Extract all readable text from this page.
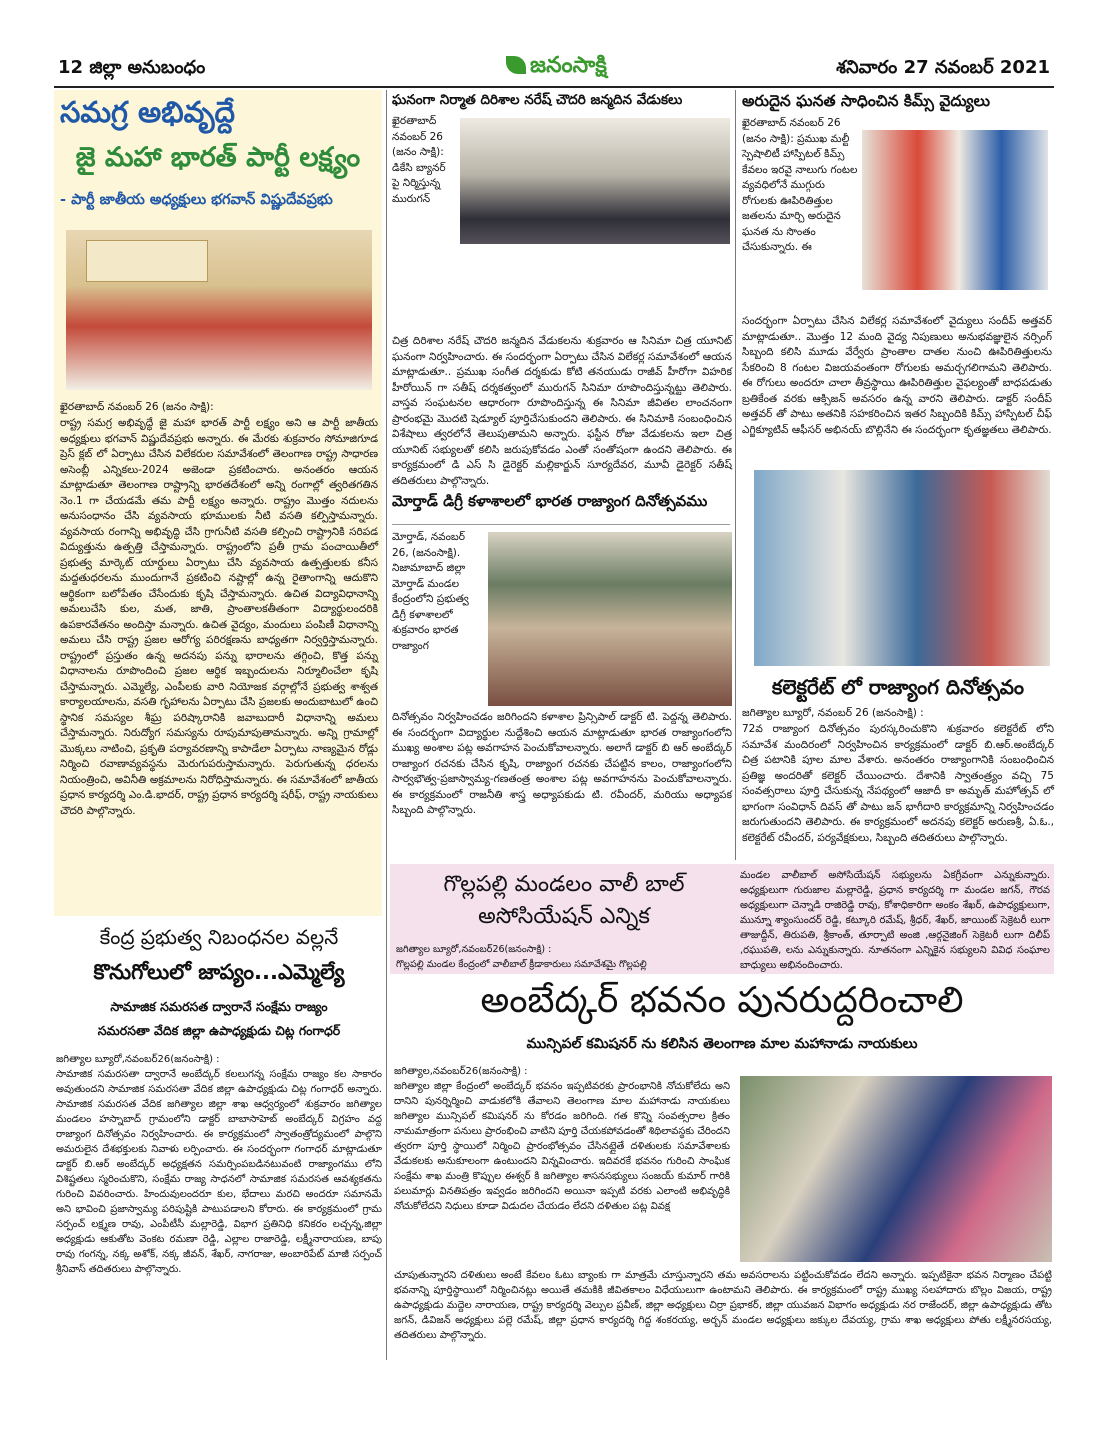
12 జిల్లా అనుబంధం	జనంసాక్షి	శనివారం 27 నవంబర్ 2021
సమగ్ర అభివృద్దే
జై మహా భారత్ పార్టీ లక్ష్యం
- పార్టీ జాతీయ అధ్యక్షులు భగవాన్ విష్ణుదేవప్రభు
ఖైరతాబాద్ నవంబర్ 26 (జనం సాక్షి):
రాష్ట్ర సమగ్ర అభివృద్ధే జై మహా భారత్ పార్టీ లక్ష్యం అని ఆ పార్టీ జాతీయ అధ్యక్షులు భగవాన్ విష్ణుదేవప్రభు అన్నారు. ఈ మేరకు శుక్రవారం సోమాజిగూడ ప్రెస్ క్లబ్ లో ఏర్పాటు చేసిన విలేకరుల సమావేశంలో తెలంగాణ రాష్ట్ర సాధారణ అసెంబ్లీ ఎన్నికలు-2024 అజెండా ప్రకటించారు. అనంతరం ఆయన మాట్లాడుతూ తెలంగాణ రాష్ట్రాన్ని భారతదేశంలో అన్ని రంగాల్లో త్వరితగతిన నెం.1 గా చేయడమే తమ పార్టీ లక్ష్యం అన్నారు. రాష్ట్రం మొత్తం నదులను అనుసంధానం చేసి వ్యవసాయ భూములకు నీటి వసతి కల్పిస్తామన్నారు. వ్యవసాయ రంగాన్ని అభివృద్ధి చేసి గ్రాగునీటి వసతి కల్పించి రాష్ట్రానికి సరిపడ విద్యుత్తును ఉత్పత్తి చేస్తామన్నారు. రాష్ట్రంలోని ప్రతీ గ్రామ పంచాయితీలో ప్రభుత్వ మార్కెట్ యార్డులు ఏర్పాటు చేసి వ్యవసాయ ఉత్పత్తులకు కనీస మద్దతుధరలను ముందుగానే ప్రకటించి నష్టాల్లో ఉన్న రైతాంగాన్ని ఆదుకొని ఆర్థికంగా బలోపేతం చేసేందుకు కృషి చేస్తామన్నారు. ఉచిత విద్యావిధానాన్ని అమలుచేసి కుల, మత, జాతి, ప్రాంతాలకతీతంగా విద్యార్థులందరికి ఉపకారవేతనం అందిస్తా మన్నారు. ఉచిత వైద్యం, మందులు పంపిణీ విధానాన్ని అమలు చేసి రాష్ట్ర ప్రజల ఆరోగ్య పరిరక్షణను బాధ్యతగా నిర్వర్తిస్తామన్నారు. రాష్ట్రంలో ప్రస్తుతం ఉన్న అదనపు పన్ను భారాలను తగ్గించి, కొత్త పన్ను విధానాలను రూపొందించి ప్రజల ఆర్థిక ఇబ్బందులను నిర్మూలించేలా కృషి చేస్తామన్నారు. ఎమ్మెల్యే, ఎంపీలకు వారి నియోజక వర్గాల్లోనే ప్రభుత్వ శాశ్వత కార్యాలయాలను, వసతి గృహాలను ఏర్పాటు చేసి ప్రజలకు అందుబాటులో ఉంచి స్థానిక సమస్యల శీఘ్ర పరిష్కారానికి జవాబుదారీ విధానాన్ని అమలు చేస్తామన్నారు. నిరుద్యోగ సమస్యను రూపుమాపుతామన్నారు. అన్ని గ్రామాల్లో మొక్కలు నాటించి, ప్రకృతి పర్యావరణాన్ని కాపాడేలా ఏర్పాటు నాణ్యమైన రోడ్లు నిర్మించి రవాణావ్యవస్థను మెరుగుపరుస్తామన్నారు. పెరుగుతున్న ధరలను నియంత్రించి, అవినీతి అక్రమాలను నిరోధిస్తామన్నారు. ఈ సమావేశంలో జాతీయ ప్రధాన కార్యదర్శి ఎం.డి.భాదర్, రాష్ట్ర ప్రధాన కార్యదర్శి షరీఫ్, రాష్ట్ర నాయకులు చౌదరి పాల్గొన్నారు.
ఘనంగా నిర్మాత దిరిశాల నరేష్ చౌదరి జన్మదిన వేడుకలు
ఖైరతాబాద్ నవంబర్ 26 (జనం సాక్షి): డికేసి బ్యానర్ పై నిర్మిస్తున్న మురుగన్
చిత్ర దిరిశాల నరేష్ చౌదరి జన్మదిన వేడుకలను శుక్రవారం ఆ సినిమా చిత్ర యూనిట్ ఘనంగా నిర్వహించారు. ఈ సందర్భంగా ఏర్పాటు చేసిన విలేకర్ల సమావేశంలో ఆయన మాట్లాడుతూ.. ప్రముఖ సంగీత దర్శకుడు కోటి తనయుడు రాజీవ్ హీరోగా విహరిక హీరోయిన్ గా సతీష్ దర్శకత్వంలో మురుగన్ సినిమా రూపొందిస్తున్నట్టు తెలిపారు. వాస్తవ సంఘటనల ఆధారంగా రూపొందిస్తున్న ఈ సినిమా జీవితల లాంచనంగా ప్రారంభమై మొదటి షెడ్యూల్ పూర్తిచేసుకుందని తెలిపారు. ఈ సినిమాకి సంబంధించిన విశేషాలు త్వరలోనే తెలుపుతామని అన్నారు. ఫస్టీన రోజు వేడుకలను ఇలా చిత్ర యూనిట్ సభ్యులతో కలిసి జరుపుకోవడం ఎంతో సంతోషంగా ఉందని తెలిపారు. ఈ కార్యక్రమంలో డి ఎస్ సి డైరెక్టర్ మల్లికార్జున్ సూర్యదేవర, మూవీ డైరెక్టర్ సతీష్ తదితరులు పాల్గొన్నారు.
అరుదైన ఘనత సాధించిన కిమ్స్ వైద్యులు
ఖైరతాబాద్ నవంబర్ 26 (జనం సాక్షి): ప్రముఖ మల్టీ స్పెషాలిటీ హాస్పిటల్ కిమ్స్ కేవలం ఇరవై నాలుగు గంటల వ్యవధిలోనే ముగ్గురు రోగులకు ఊపిరితిత్తుల జతలను మార్చి అరుదైన ఘనత ను సొంతం చేసుకున్నారు. ఈ
సందర్భంగా ఏర్పాటు చేసిన విలేకర్ల సమావేశంలో వైద్యులు సందీప్ అత్తవర్ మాట్లాడుతూ.. మొత్తం 12 మంది వైద్య నిపుణులు అనుభవజ్ఞులైన నర్సింగ్ సిబ్బంది కలిసి మూడు వేర్వేరు ప్రాంతాల దాతల నుంచి ఊపిరితిత్తులను సేకరించి 8 గంటల విజయవంతంగా రోగులకు అమర్చగలిగామని తెలిపారు. ఈ రోగులు అందరూ చాలా తీవ్రస్థాయి ఊపిరితిత్తుల వైఫల్యంతో బాధపడుతు బ్రతికేంత వరకు ఆక్సిజన్ అవసరం ఉన్న వారని తెలిపారు. డాక్టర్ సందీప్ అత్తవర్ తో పాటు అతనికి సహకరించిన ఇతర సిబ్బందికి కిమ్స్ హాస్పిటల్ చీఫ్ ఎగ్జిక్యూటివ్ ఆఫీసర్ అభినయ్ బొల్లినేని ఈ సందర్భంగా కృతజ్ఞతలు తెలిపారు.
మోర్తాడ్ డిగ్రీ కళాశాలలో భారత రాజ్యాంగ దినోత్సవము
మోర్తాడ్, నవంబర్ 26, (జనంసాక్షి). నిజామాబాద్ జిల్లా మోర్తాడ్ మండల కేంద్రంలోని ప్రభుత్వ డిగ్రీ కళాశాలలో శుక్రవారం భారత రాజ్యాంగ
దినోత్సవం నిర్వహించడం జరిగిందని కళాశాల ప్రిన్సిపాల్ డాక్టర్ టి. పెద్దన్న తెలిపారు. ఈ సందర్భంగా విద్యార్థుల నుద్దేశించి ఆయన మాట్లాడుతూ భారత రాజ్యాంగంలోని ముఖ్య అంశాల పట్ల అవగాహన పెంచుకోవాలన్నారు. అలాగే డాక్టర్ బి ఆర్ అంబేద్కర్ రాజ్యాంగ రచనకు చేసిన కృషి, రాజ్యాంగ రచనకు చేపట్టిన కాలం, రాజ్యాంగంలోని సార్వభౌత్వ-ప్రజాస్వామ్య-గణతంత్ర అంశాల పట్ల అవగాహనను పెంచుకోవాలన్నారు. ఈ కార్యక్రమంలో రాజనీతి శాస్త్ర అధ్యాపకుడు టి. రవీందర్, మరియు అధ్యాపక సిబ్బంది పాల్గొన్నారు.
కలెక్టరేట్ లో రాజ్యాంగ దినోత్సవం
జగిత్యాల బ్యూరో, నవంబర్ 26 (జనంసాక్షి) :
72వ రాజ్యాంగ దినోత్సవం పురస్కరించుకొని శుక్రవారం కలెక్టరేట్ లోని సమావేశ మందిరంలో నిర్వహించిన కార్యక్రమంలో డాక్టర్ బి.ఆర్.అంబేద్కర్ చిత్ర పటానికి పూల మాల వేశారు. అనంతరం రాజ్యాంగానికి సంబంధించిన ప్రతిజ్ఞ అందరితో కలెక్టర్ చేయించారు. దేశానికి స్వాతంత్ర్యం వచ్చి 75 సంవత్సరాలు పూర్తి చేసుకున్న నేపథ్యంలో ఆజాదీ కా అమృత్ మహోత్సవ్ లో భాగంగా సంవిధాన్ దివస్ తో పాటు జన్ భాగీదారి కార్యక్రమాన్ని నిర్వహించడం జరుగుతుందని తెలిపారు. ఈ కార్యక్రమంలో అదనపు కలెక్టర్ అరుణశ్రీ, ఏ.ఓ., కలెక్టరేట్ రవీందర్, పర్యవేక్షకులు, సిబ్బంది తదితరులు పాల్గొన్నారు.
గొల్లపల్లి మండలం వాలీ బాల్
అసోసియేషన్ ఎన్నిక
జగిత్యాల బ్యూరో,నవంబర్26(జనంసాక్షి) :
గొల్లపల్లి మండల కేంద్రంలో వాలీబాల్ క్రీడాకారులు సమావేశమై గొల్లపల్లి
మండల వాలీబాల్ అసోసియేషన్ సభ్యులను ఏకగ్రీవంగా ఎన్నుకున్నారు. అధ్యక్షులుగా గురుజాల మల్లారెడ్డి, ప్రధాన కార్యదర్శి గా మండల జగన్, గౌరవ అధ్యక్షులుగా చెన్నాడి రాజిరెడ్డి రావు, కోశాధికారిగా అంకం శేఖర్, ఉపాధ్యక్షులుగా, మున్నూ శ్యాంసుందర్ రెడ్డి, కట్కూరి రమేష్, శ్రీధర్, శేఖర్, జాయింట్ సెక్రెటరీ లుగా తాజుద్దీన్, తిరుపతి, శ్రీకాంత్, తూర్పాటి అంజి ,ఆర్గనైజింగ్ సెక్రెటరీ లుగా దిలీప్ ,రఘుపతి, లను ఎన్నుకున్నారు. నూతనంగా ఎన్నికైన సభ్యులని వివిధ సంఘాల బాధ్యులు అభినందించారు.
కేంద్ర ప్రభుత్వ నిబంధనల వల్లనే
కొనుగోలులో జాప్యం...ఎమ్మెల్యే
సామాజిక సమరసత ద్వారానే సంక్షేమ రాజ్యం
సమరసతా వేదిక జిల్లా ఉపాధ్యక్షుడు చిట్ల గంగాధర్
జగిత్యాల బ్యూరో,నవంబర్26(జనంసాక్షి) :
సామాజిక సమరసతా ద్వారానే అంబేద్కర్ కలలుగన్న సంక్షేమ రాజ్యం కల సాకారం అవుతుందని సామాజిక సమరసతా వేదిక జిల్లా ఉపాధ్యక్షుడు చిట్ల గంగాధర్ అన్నారు. సామాజిక సమరసత వేదిక జగిత్యాల జిల్లా శాఖ ఆధ్వర్యంలో శుక్రవారం జగిత్యాల మండలం హస్నాబాద్ గ్రామంలోని డాక్టర్ బాబాసాహెబ్ అంబేద్కర్ విగ్రహం వద్ద రాజ్యాంగ దినోత్సవం నిర్వహించారు. ఈ కార్యక్రమంలో స్వాతంత్రోద్యమంలో పాల్గొని అమరులైన దేశభక్తులకు నివాళు లర్పించారు. ఈ సందర్భంగా గంగాధర్ మాట్లాడుతూ డాక్టర్ బి.ఆర్ అంబేద్కర్ అధ్యక్షతన సమర్పింపబడినటువంటి రాజ్యాంగము లోని విశిష్టతలు స్మరించుకొని, సంక్షేమ రాజ్య సాధనలో సామాజిక సమరసత ఆవశ్యకతను గురించి వివరించారు. హిందువులందరూ కుల, భేదాలు మరచి అందరూ సమానమే అని భావించి ప్రజాస్వామ్య పరిపుష్టికి పాటుపడాలని కోరారు. ఈ కార్యక్రమంలో గ్రామ సర్పంచ్ లక్ష్మణ రావు, ఎంపీటీసీ మల్లారెడ్డి, విభాగ ప్రతినిధి కనికరం లచ్చన్న,జిల్లా అధ్యక్షుడు ఆకుతోట వెంకట రమణా రెడ్డి, ఎల్లాల రాజారెడ్డి, లక్ష్మీనారాయణ, బాపు రావు గంగన్న, నక్క అశోక్, నక్క జీవన్, శేఖర్, నాగరాజు, అంబారిపేట్ మాజీ సర్పంచ్ శ్రీనివాస్ తదితరులు పాల్గొన్నారు.
అంబేద్కర్ భవనం పునరుద్దరించాలి
మున్సిపల్ కమిషనర్ ను కలిసిన తెలంగాణ మాల మహానాడు నాయకులు
జగిత్యాల,నవంబర్26(జనంసాక్షి) :
జగిత్యాల జిల్లా కేంద్రంలో అంబేద్కర్ భవనం ఇప్పటివరకు ప్రారంభానికి నోచుకోలేదు అని దానిని పునర్నిర్మించి వాడుకలోకి తేవాలని తెలంగాణ మాల మహానాడు నాయకులు జగిత్యాల మున్సిపల్ కమిషనర్ ను కోరడం జరిగింది. గత కొన్ని సంవత్సరాల క్రితం నామమాత్రంగా పనులు ప్రారంభించి వాటిని పూర్తి చేయకపోవడంతో శిథిలావస్థకు చేరిందని త్వరగా పూర్తి స్థాయిలో నిర్మించి ప్రారంభోత్సవం చేసినట్లైతే దళితులకు సమావేశాలకు వేడుకలకు అనుకూలంగా ఉంటుందని విన్నవించారు. ఇదివరకే భవనం గురించి సాంఘిక సంక్షేమ శాఖ మంత్రి కొప్పుల ఈశ్వర్ కి జగిత్యాల శాసనసభ్యులు సంజయ్ కుమార్ గారికి పలుమార్లు వినతిపత్రం ఇవ్వడం జరిగిందని అయినా ఇప్పటి వరకు ఎలాంటి అభివృద్ధికి నోచుకోలేదని నిధులు కూడా విడుదల చేయడం లేదని దళితుల పట్ల వివక్ష
చూపుతున్నారని దళితులు అంటే కేవలం ఓటు బ్యాంకు గా మాత్రమే చూస్తున్నారని తమ అవసరాలను పట్టించుకోవడం లేదని అన్నారు. ఇప్పటికైనా భవన నిర్మాణం చేపట్టి భవనాన్ని పూర్తిస్థాయిలో నిర్మించినట్లు అయితే తమకికి జీవితకాలం విధేయులుగా ఉంటామని తెలిపారు. ఈ కార్యక్రమంలో రాష్ట్ర ముఖ్య సలహాదారు బొల్లం విజయ, రాష్ట్ర ఉపాధ్యక్షుడు మద్దెల నారాయణ, రాష్ట్ర కార్యదర్శి వెల్పుల ప్రవీణ్, జిల్లా అధ్యక్షులు చిర్రా ప్రభాకర్, జిల్లా యువజన విభాగం అధ్యక్షుడు నర రాజేందర్, జిల్లా ఉపాధ్యక్షుడు తోట జగన్, డివిజన్ అధ్యక్షులు పల్లె రమేష్, జిల్లా ప్రధాన కార్యదర్శి గిద్ద శంకరయ్య, అర్బన్ మండల అధ్యక్షులు జక్కుల దేవయ్య, గ్రామ శాఖ అధ్యక్షులు పోతు లక్ష్మీనరసయ్య, తదితరులు పాల్గొన్నారు.
